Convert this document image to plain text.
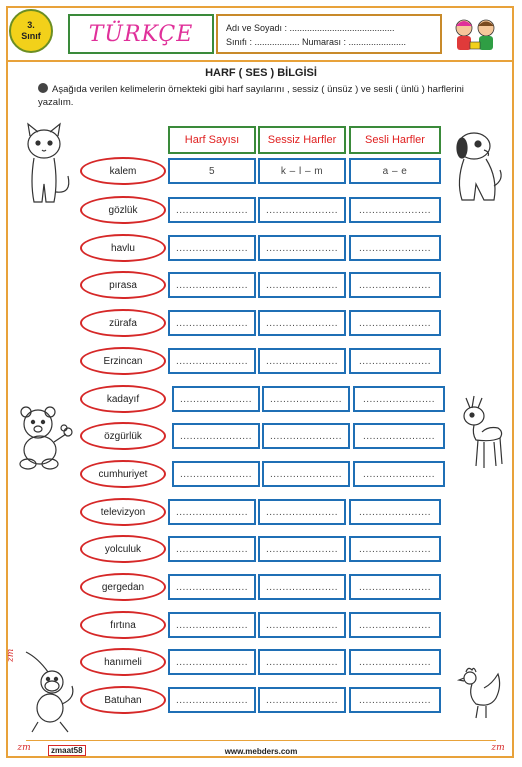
3.
Sınıf	TÜRKÇE	Adı ve Soyadı : ..........................................
Sınıfı : .................. Numarası : .......................
HARF ( SES ) BİLGİSİ
Aşağıda verilen kelimelerin örnekteki gibi harf sayılarını , sessiz ( ünsüz ) ve sesli ( ünlü ) harflerini yazalım.
zm
Harf Sayısı	Sessiz Harfler	Sesli Harfler
kalem	5	k – l – m	a – e
gözlük	......................	......................	......................
havlu	......................	......................	......................
pırasa	......................	......................	......................
zürafa	......................	......................	......................
Erzincan	......................	......................	......................
kadayıf	......................	......................	......................
özgürlük	......................	......................	......................
cumhuriyet	......................	......................	......................
televizyon	......................	......................	......................
yolculuk	......................	......................	......................
gergedan	......................	......................	......................
fırtına	......................	......................	......................
hanımeli	......................	......................	......................
Batuhan	......................	......................	......................
zm	zmaat58	www.mebders.com	zm
